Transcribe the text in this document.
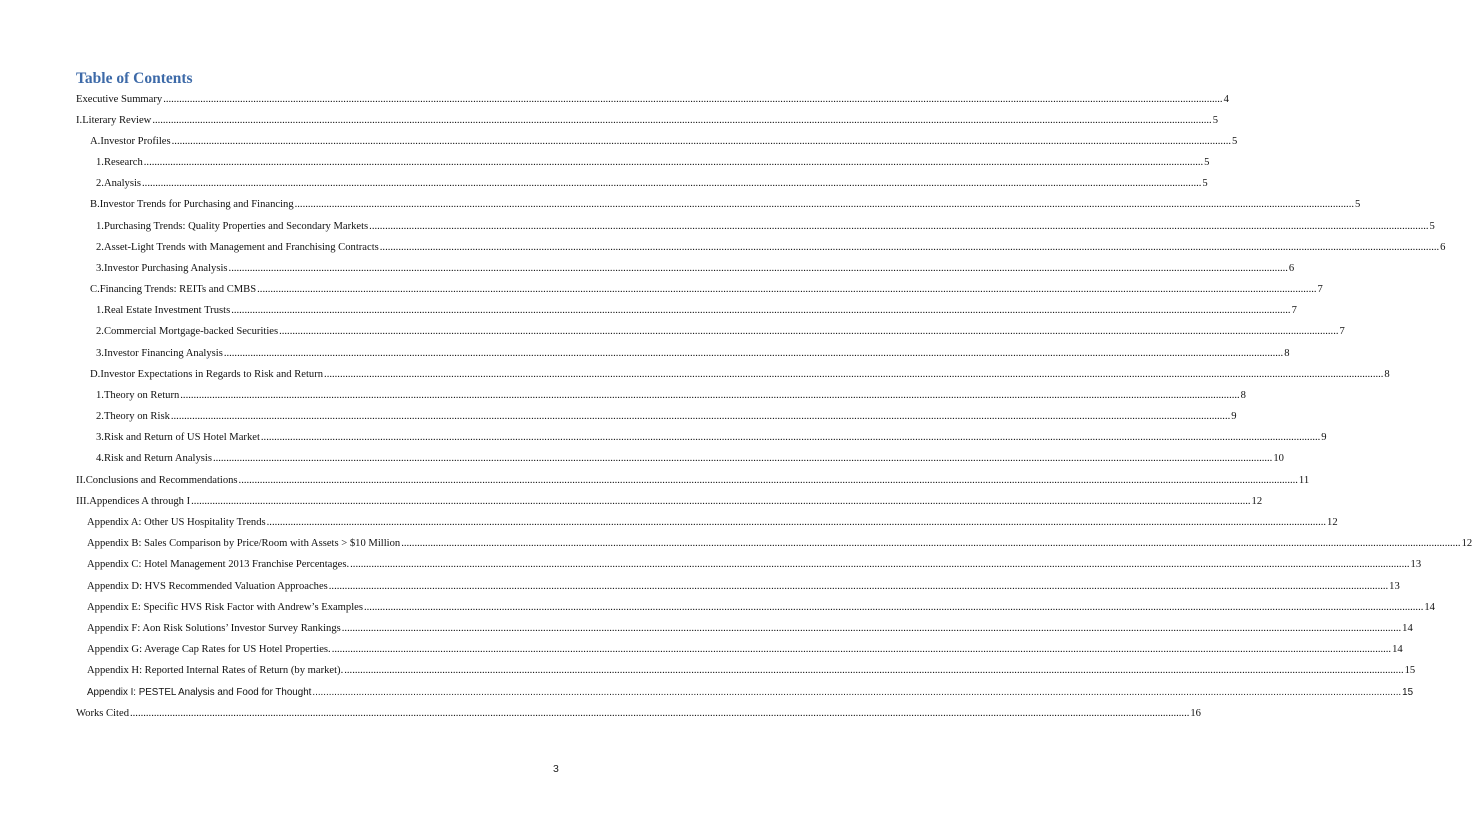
Table of Contents
Executive Summary ................................................................................................................................................................................................................................................................................................................................................................................................................ 4
I. Literary Review ................................................................................................................................................................................................................................................................................................................................................................................................................ 5
A. Investor Profiles ................................................................................................................................................................................................................................................................................................................................................................................................................ 5
1. Research ................................................................................................................................................................................................................................................................................................................................................................................................................ 5
2. Analysis ................................................................................................................................................................................................................................................................................................................................................................................................................ 5
B. Investor Trends for Purchasing and Financing ................................................................................................................................................................................................................................................................................................................................................................................................................ 5
1. Purchasing Trends: Quality Properties and Secondary Markets ................................................................................................................................................................................................................................................................................................................................................................................................................ 5
2. Asset-Light Trends with Management and Franchising Contracts ................................................................................................................................................................................................................................................................................................................................................................................................................ 6
3. Investor Purchasing Analysis ................................................................................................................................................................................................................................................................................................................................................................................................................ 6
C. Financing Trends: REITs and CMBS ................................................................................................................................................................................................................................................................................................................................................................................................................ 7
1. Real Estate Investment Trusts ................................................................................................................................................................................................................................................................................................................................................................................................................ 7
2. Commercial Mortgage-backed Securities ................................................................................................................................................................................................................................................................................................................................................................................................................ 7
3. Investor Financing Analysis ................................................................................................................................................................................................................................................................................................................................................................................................................ 8
D. Investor Expectations in Regards to Risk and Return ................................................................................................................................................................................................................................................................................................................................................................................................................ 8
1. Theory on Return ................................................................................................................................................................................................................................................................................................................................................................................................................ 8
2. Theory on Risk ................................................................................................................................................................................................................................................................................................................................................................................................................ 9
3. Risk and Return of US Hotel Market ................................................................................................................................................................................................................................................................................................................................................................................................................ 9
4. Risk and Return Analysis ................................................................................................................................................................................................................................................................................................................................................................................................................ 10
II. Conclusions and Recommendations ................................................................................................................................................................................................................................................................................................................................................................................................................ 11
III. Appendices A through I ................................................................................................................................................................................................................................................................................................................................................................................................................ 12
Appendix A: Other US Hospitality Trends ................................................................................................................................................................................................................................................................................................................................................................................................................ 12
Appendix B: Sales Comparison by Price/Room with Assets > $10 Million ................................................................................................................................................................................................................................................................................................................................................................................................................ 12
Appendix C: Hotel Management 2013 Franchise Percentages. ................................................................................................................................................................................................................................................................................................................................................................................................................ 13
Appendix D: HVS Recommended Valuation Approaches ................................................................................................................................................................................................................................................................................................................................................................................................................ 13
Appendix E: Specific HVS Risk Factor with Andrew’s Examples ................................................................................................................................................................................................................................................................................................................................................................................................................ 14
Appendix F: Aon Risk Solutions’ Investor Survey Rankings ................................................................................................................................................................................................................................................................................................................................................................................................................ 14
Appendix G: Average Cap Rates for US Hotel Properties. ................................................................................................................................................................................................................................................................................................................................................................................................................ 14
Appendix H: Reported Internal Rates of Return (by market). ................................................................................................................................................................................................................................................................................................................................................................................................................ 15
Appendix I: PESTEL Analysis and Food for Thought ................................................................................................................................................................................................................................................................................................................................................................................................................ 15
Works Cited ................................................................................................................................................................................................................................................................................................................................................................................................................ 16
3
